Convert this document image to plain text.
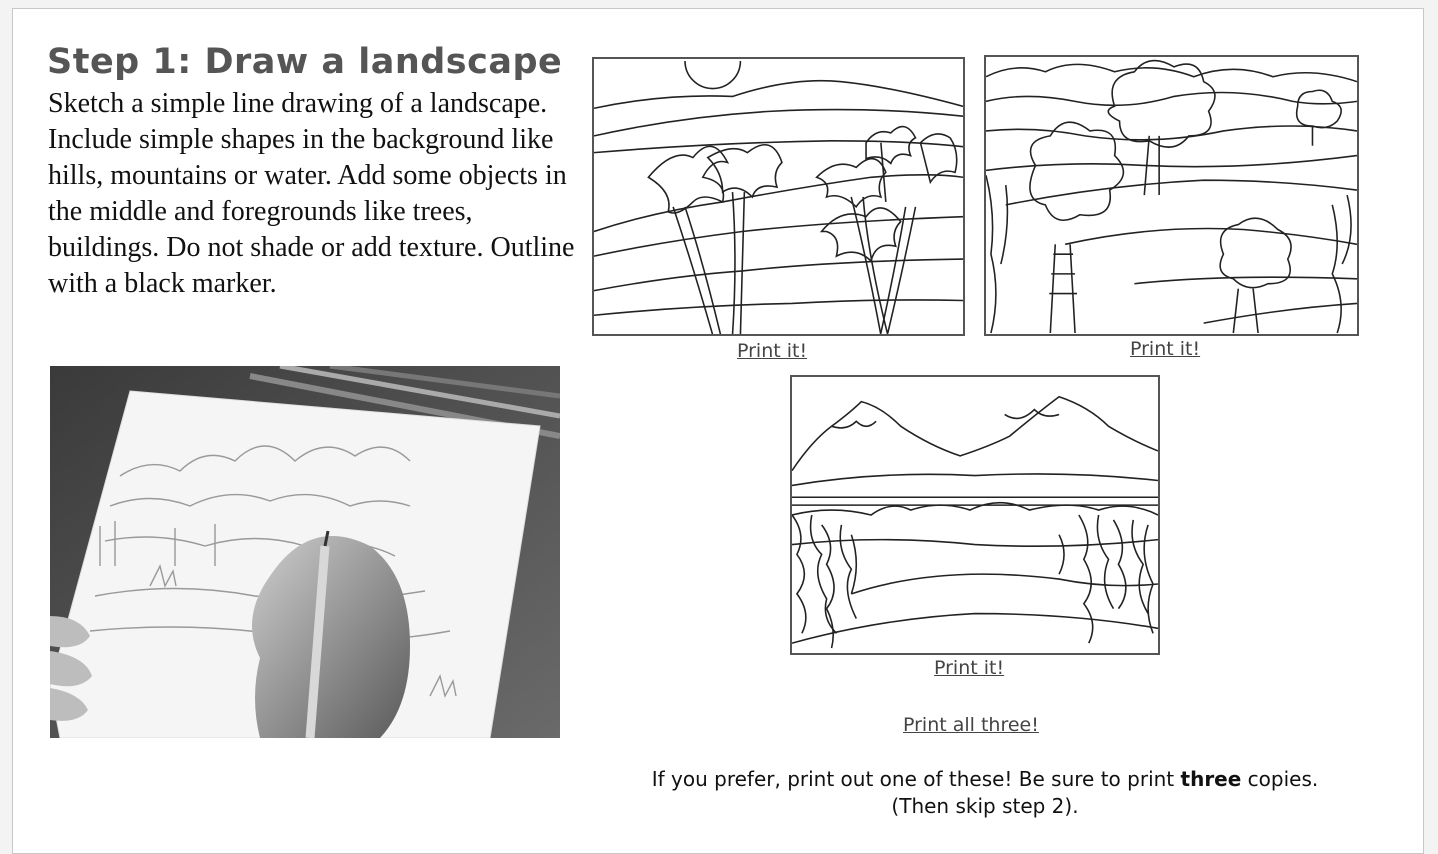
Step 1: Draw a landscape

Sketch a simple line drawing of a landscape. Include simple shapes in the background like hills, mountains or water. Add some objects in the middle and foregrounds like trees, buildings. Do not shade or add texture. Outline with a black marker.

Print it!	Print it!
Print it!
Print all three!

If you prefer, print out one of these! Be sure to print three copies.
(Then skip step 2).
